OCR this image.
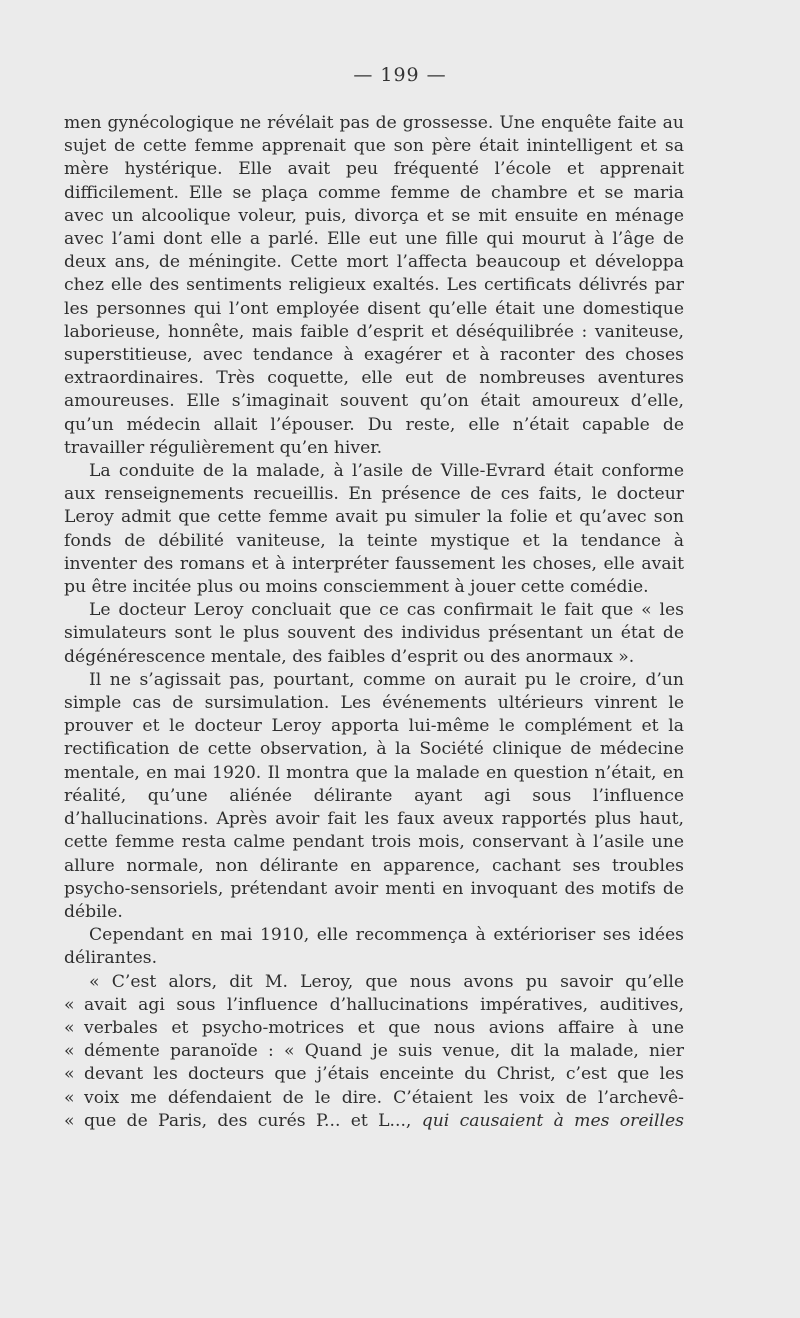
— 199 —

men gynécologique ne révélait pas de grossesse. Une enquête faite au sujet de cette femme apprenait que son père était inintelligent et sa mère hystérique. Elle avait peu fréquenté l’école et apprenait difficilement. Elle se plaça comme femme de chambre et se maria avec un alcoolique voleur, puis, divorça et se mit ensuite en ménage avec l’ami dont elle a parlé. Elle eut une fille qui mourut à l’âge de deux ans, de méningite. Cette mort l’affecta beaucoup et développa chez elle des sentiments religieux exaltés. Les certificats délivrés par les personnes qui l’ont employée disent qu’elle était une domestique laborieuse, honnête, mais faible d’esprit et déséquilibrée : vaniteuse, superstitieuse, avec tendance à exagérer et à raconter des choses extraordinaires. Très coquette, elle eut de nombreuses aventures amoureuses. Elle s’imaginait souvent qu’on était amoureux d’elle, qu’un médecin allait l’épouser. Du reste, elle n’était capable de travailler régulièrement qu’en hiver.

La conduite de la malade, à l’asile de Ville-Evrard était conforme aux renseignements recueillis. En présence de ces faits, le docteur Leroy admit que cette femme avait pu simuler la folie et qu’avec son fonds de débilité vaniteuse, la teinte mystique et la tendance à inventer des romans et à interpréter faussement les choses, elle avait pu être incitée plus ou moins consciemment à jouer cette comédie.

Le docteur Leroy concluait que ce cas confirmait le fait que « les simulateurs sont le plus souvent des individus présentant un état de dégénérescence mentale, des faibles d’esprit ou des anormaux ».

Il ne s’agissait pas, pourtant, comme on aurait pu le croire, d’un simple cas de sursimulation. Les événements ultérieurs vinrent le prouver et le docteur Leroy apporta lui-même le complément et la rectification de cette observation, à la Société clinique de médecine mentale, en mai 1920. Il montra que la malade en question n’était, en réalité, qu’une aliénée délirante ayant agi sous l’influence d’hallucinations. Après avoir fait les faux aveux rapportés plus haut, cette femme resta calme pendant trois mois, conservant à l’asile une allure normale, non délirante en apparence, cachant ses troubles psycho-sensoriels, prétendant avoir menti en invoquant des motifs de débile.

Cependant en mai 1910, elle recommença à extérioriser ses idées délirantes.

« C’est alors, dit M. Leroy, que nous avons pu savoir qu’elle
« avait agi sous l’influence d’hallucinations impératives, auditives,
« verbales et psycho-motrices et que nous avions affaire à une
« démente paranoïde : « Quand je suis venue, dit la malade, nier
« devant les docteurs que j’étais enceinte du Christ, c’est que les
« voix me défendaient de le dire. C’étaient les voix de l’archevê-
« que de Paris, des curés P... et L..., qui causaient à mes oreilles
